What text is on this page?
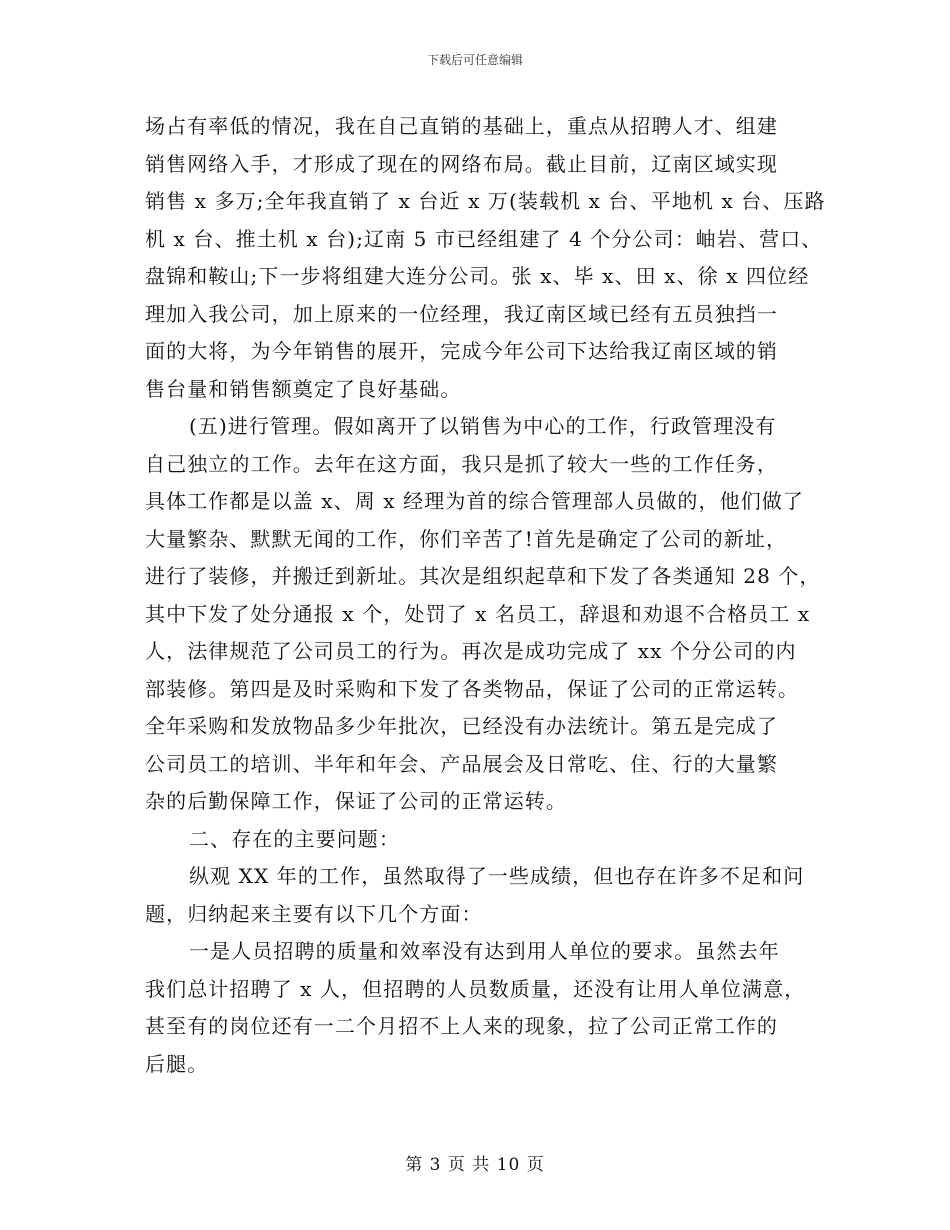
下载后可任意编辑
场占有率低的情况，我在自己直销的基础上，重点从招聘人才、组建
销售网络入手，才形成了现在的网络布局。截止目前，辽南区域实现
销售 x 多万;全年我直销了 x 台近 x 万(装载机 x 台、平地机 x 台、压路
机 x 台、推土机 x 台);辽南 5 市已经组建了 4 个分公司：岫岩、营口、
盘锦和鞍山;下一步将组建大连分公司。张 x、毕 x、田 x、徐 x 四位经
理加入我公司，加上原来的一位经理，我辽南区域已经有五员独挡一
面的大将，为今年销售的展开，完成今年公司下达给我辽南区域的销
售台量和销售额奠定了良好基础。
(五)进行管理。假如离开了以销售为中心的工作，行政管理没有
自己独立的工作。去年在这方面，我只是抓了较大一些的工作任务，
具体工作都是以盖 x、周 x 经理为首的综合管理部人员做的，他们做了
大量繁杂、默默无闻的工作，你们辛苦了!首先是确定了公司的新址，
进行了装修，并搬迁到新址。其次是组织起草和下发了各类通知 28 个，
其中下发了处分通报 x 个，处罚了 x 名员工，辞退和劝退不合格员工 x
人，法律规范了公司员工的行为。再次是成功完成了 xx 个分公司的内
部装修。第四是及时采购和下发了各类物品，保证了公司的正常运转。
全年采购和发放物品多少年批次，已经没有办法统计。第五是完成了
公司员工的培训、半年和年会、产品展会及日常吃、住、行的大量繁
杂的后勤保障工作，保证了公司的正常运转。
二、存在的主要问题：
纵观 XX 年的工作，虽然取得了一些成绩，但也存在许多不足和问
题，归纳起来主要有以下几个方面：
一是人员招聘的质量和效率没有达到用人单位的要求。虽然去年
我们总计招聘了 x 人，但招聘的人员数质量，还没有让用人单位满意，
甚至有的岗位还有一二个月招不上人来的现象，拉了公司正常工作的
后腿。
第 3 页 共 10 页
